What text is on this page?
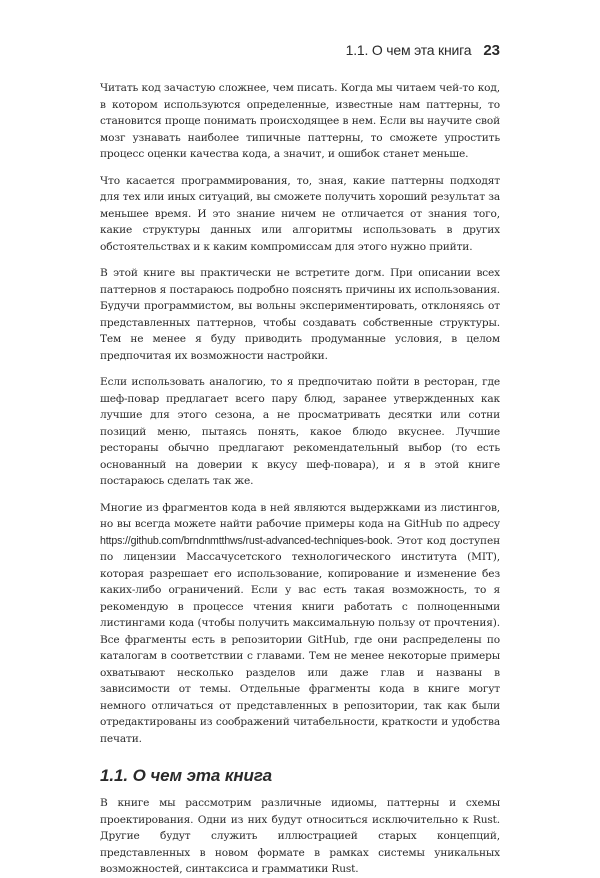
1.1. О чем эта книга 23

Читать код зачастую сложнее, чем писать. Когда мы читаем чей-то код, в котором используются определенные, известные нам паттерны, то становится проще понимать происходящее в нем. Если вы научите свой мозг узнавать наиболее типичные паттерны, то сможете упростить процесс оценки качества кода, а значит, и ошибок станет меньше.

Что касается программирования, то, зная, какие паттерны подходят для тех или иных ситуаций, вы сможете получить хороший результат за меньшее время. И это знание ничем не отличается от знания того, какие структуры данных или алгоритмы использовать в других обстоятельствах и к каким компромиссам для этого нужно прийти.

В этой книге вы практически не встретите догм. При описании всех паттернов я постараюсь подробно пояснять причины их использования. Будучи программистом, вы вольны экспериментировать, отклоняясь от представленных паттернов, чтобы создавать собственные структуры. Тем не менее я буду приводить продуманные условия, в целом предпочитая их возможности настройки.

Если использовать аналогию, то я предпочитаю пойти в ресторан, где шеф-повар предлагает всего пару блюд, заранее утвержденных как лучшие для этого сезона, а не просматривать десятки или сотни позиций меню, пытаясь понять, какое блюдо вкуснее. Лучшие рестораны обычно предлагают рекомендательный выбор (то есть основанный на доверии к вкусу шеф-повара), и я в этой книге постараюсь сделать так же.

Многие из фрагментов кода в ней являются выдержками из листингов, но вы всегда можете найти рабочие примеры кода на GitHub по адресу https://github.com/brndnmtthws/rust-advanced-techniques-book. Этот код доступен по лицензии Массачусетского технологического института (MIT), которая разрешает его использование, копирование и изменение без каких-либо ограничений. Если у вас есть такая возможность, то я рекомендую в процессе чтения книги работать с полноценными листингами кода (чтобы получить максимальную пользу от прочтения). Все фрагменты есть в репозитории GitHub, где они распределены по каталогам в соответствии с главами. Тем не менее некоторые примеры охватывают несколько разделов или даже глав и названы в зависимости от темы. Отдельные фрагменты кода в книге могут немного отличаться от представленных в репозитории, так как были отредактированы из соображений читабельности, краткости и удобства печати.

1.1. О чем эта книга

В книге мы рассмотрим различные идиомы, паттерны и схемы проектирования. Одни из них будут относиться исключительно к Rust. Другие будут служить иллюстрацией старых концепций, представленных в новом формате в рамках системы уникальных возможностей, синтаксиса и грамматики Rust.
